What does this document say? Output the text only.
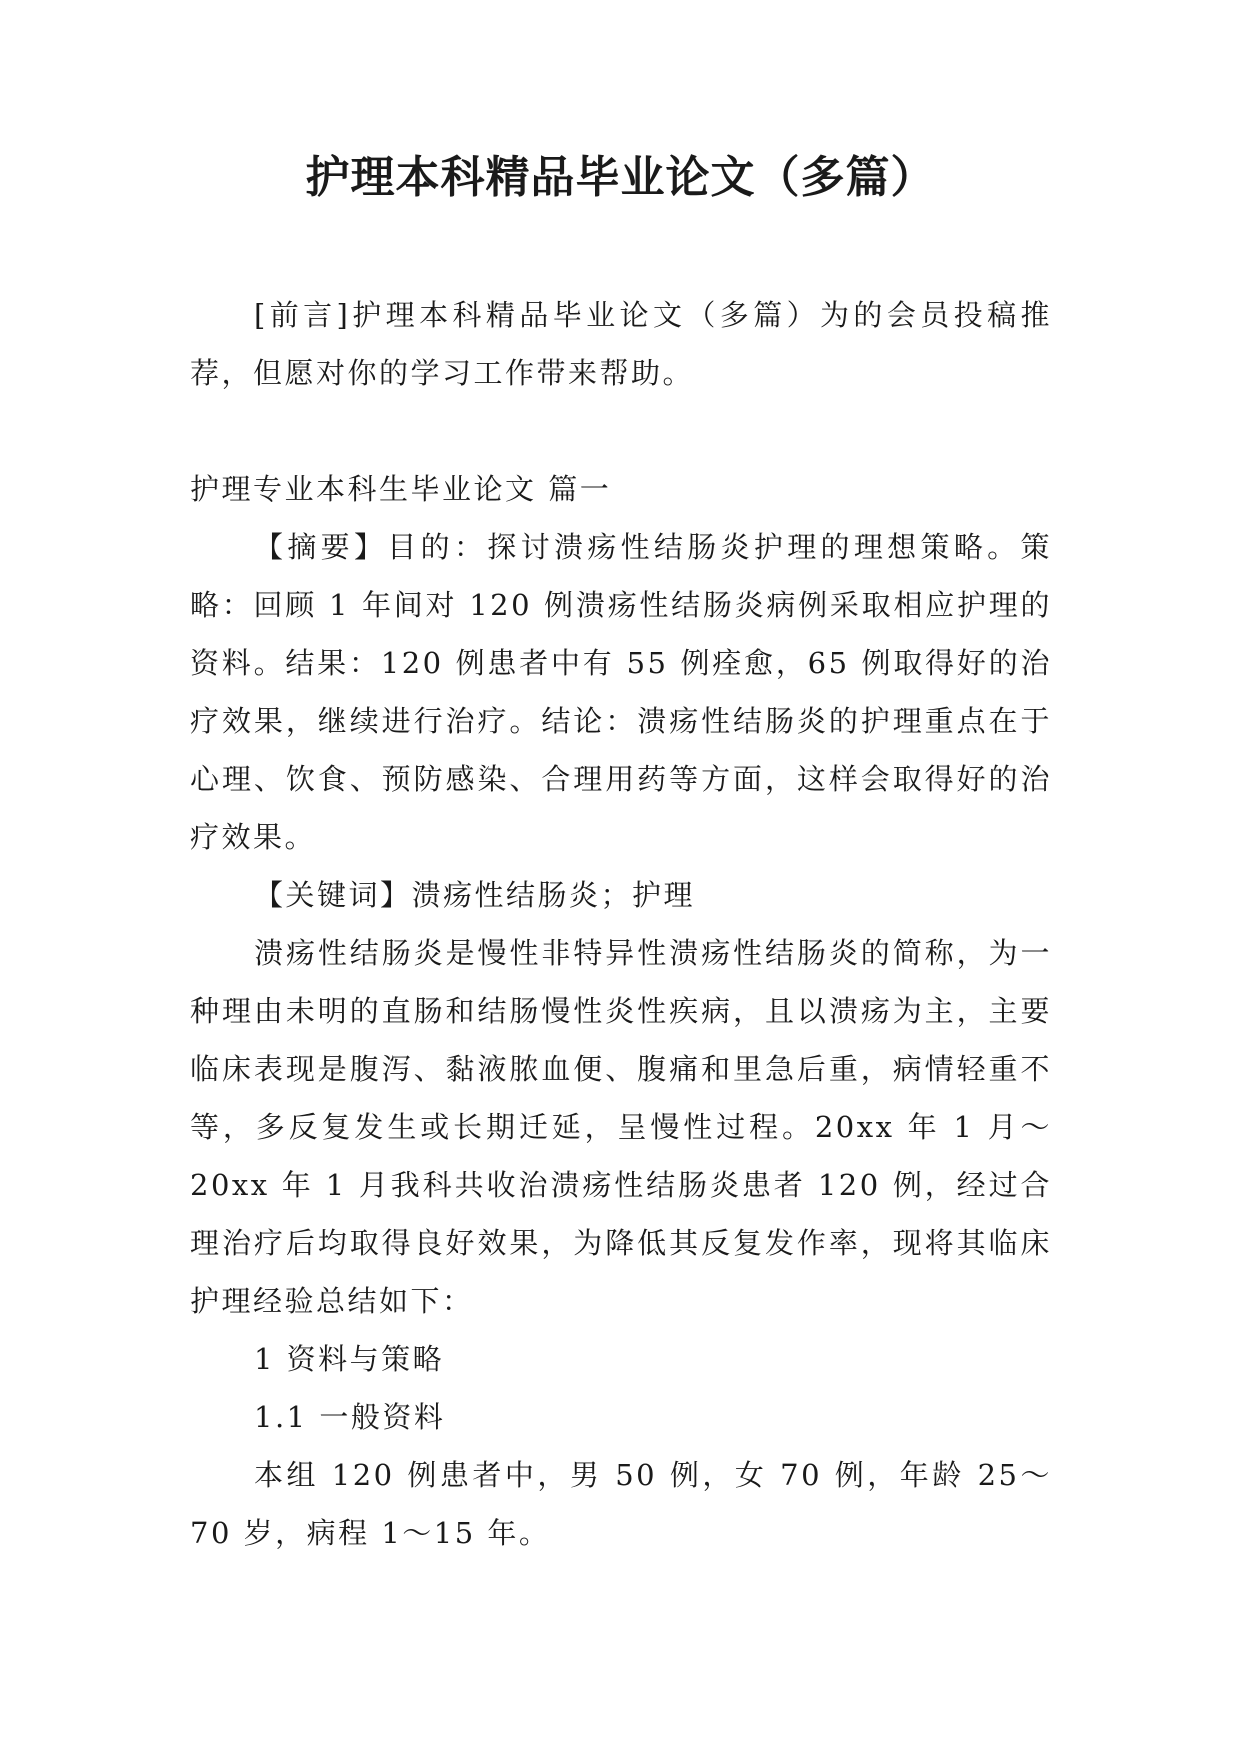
护理本科精品毕业论文（多篇）

[前言]护理本科精品毕业论文（多篇）为的会员投稿推荐，但愿对你的学习工作带来帮助。

护理专业本科生毕业论文 篇一

【摘要】目的：探讨溃疡性结肠炎护理的理想策略。策略：回顾 1 年间对 120 例溃疡性结肠炎病例采取相应护理的资料。结果：120 例患者中有 55 例痊愈，65 例取得好的治疗效果，继续进行治疗。结论：溃疡性结肠炎的护理重点在于心理、饮食、预防感染、合理用药等方面，这样会取得好的治疗效果。

【关键词】溃疡性结肠炎；护理

溃疡性结肠炎是慢性非特异性溃疡性结肠炎的简称，为一种理由未明的直肠和结肠慢性炎性疾病，且以溃疡为主，主要临床表现是腹泻、黏液脓血便、腹痛和里急后重，病情轻重不等，多反复发生或长期迁延，呈慢性过程。20xx 年 1 月～20xx 年 1 月我科共收治溃疡性结肠炎患者 120 例，经过合理治疗后均取得良好效果，为降低其反复发作率，现将其临床护理经验总结如下：

1 资料与策略

1.1 一般资料

本组 120 例患者中，男 50 例，女 70 例，年龄 25～70 岁，病程 1～15 年。
